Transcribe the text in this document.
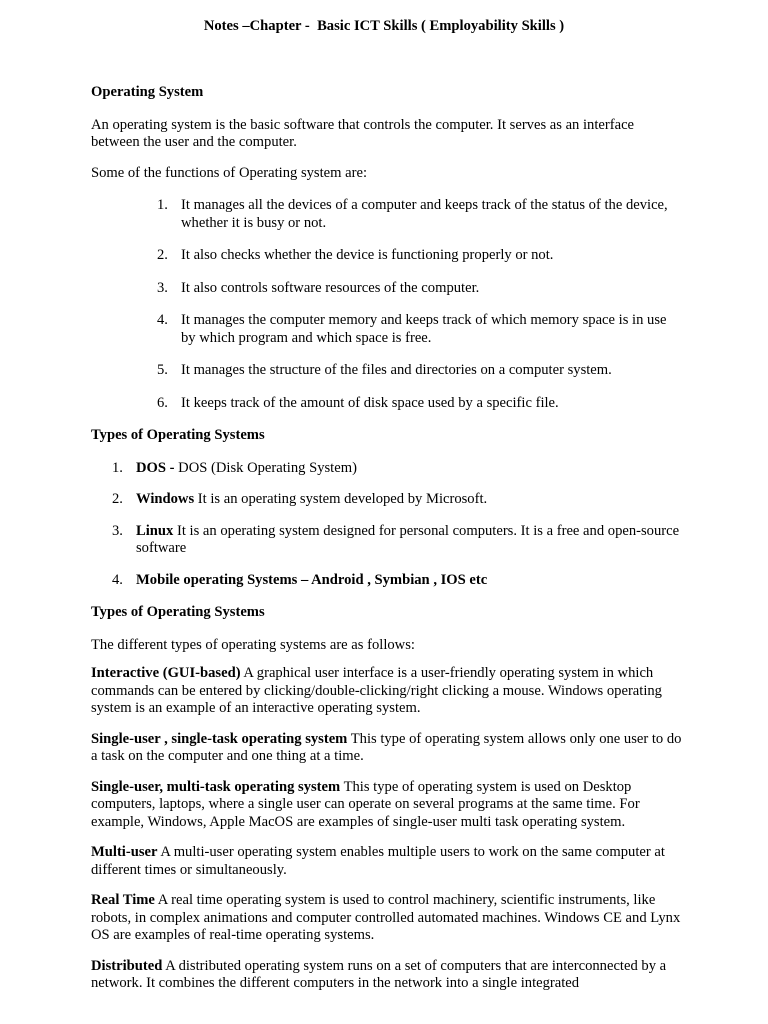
Notes –Chapter -  Basic ICT Skills ( Employability Skills )
Operating System

An operating system is the basic software that controls the computer. It serves as an interface between the user and the computer.

Some of the functions of Operating system are:

1. It manages all the devices of a computer and keeps track of the status of the device, whether it is busy or not.
2. It also checks whether the device is functioning properly or not.
3. It also controls software resources of the computer.
4. It manages the computer memory and keeps track of which memory space is in use by which program and which space is free.
5. It manages the structure of the files and directories on a computer system.
6. It keeps track of the amount of disk space used by a specific file.
Types of Operating Systems
1. DOS - DOS (Disk Operating System)
2. Windows It is an operating system developed by Microsoft.
3. Linux It is an operating system designed for personal computers. It is a free and open-source software
4. Mobile operating Systems – Android , Symbian , IOS etc
Types of Operating Systems

The different types of operating systems are as follows:

Interactive (GUI-based) A graphical user interface is a user-friendly operating system in which commands can be entered by clicking/double-clicking/right clicking a mouse. Windows operating system is an example of an interactive operating system.

Single-user , single-task operating system This type of operating system allows only one user to do a task on the computer and one thing at a time.

Single-user, multi-task operating system This type of operating system is used on Desktop computers, laptops, where a single user can operate on several programs at the same time. For example, Windows, Apple MacOS are examples of single-user multi task operating system.

Multi-user A multi-user operating system enables multiple users to work on the same computer at different times or simultaneously.

Real Time A real time operating system is used to control machinery, scientific instruments, like robots, in complex animations and computer controlled automated machines. Windows CE and Lynx OS are examples of real-time operating systems.

Distributed A distributed operating system runs on a set of computers that are interconnected by a network. It combines the different computers in the network into a single integrated
